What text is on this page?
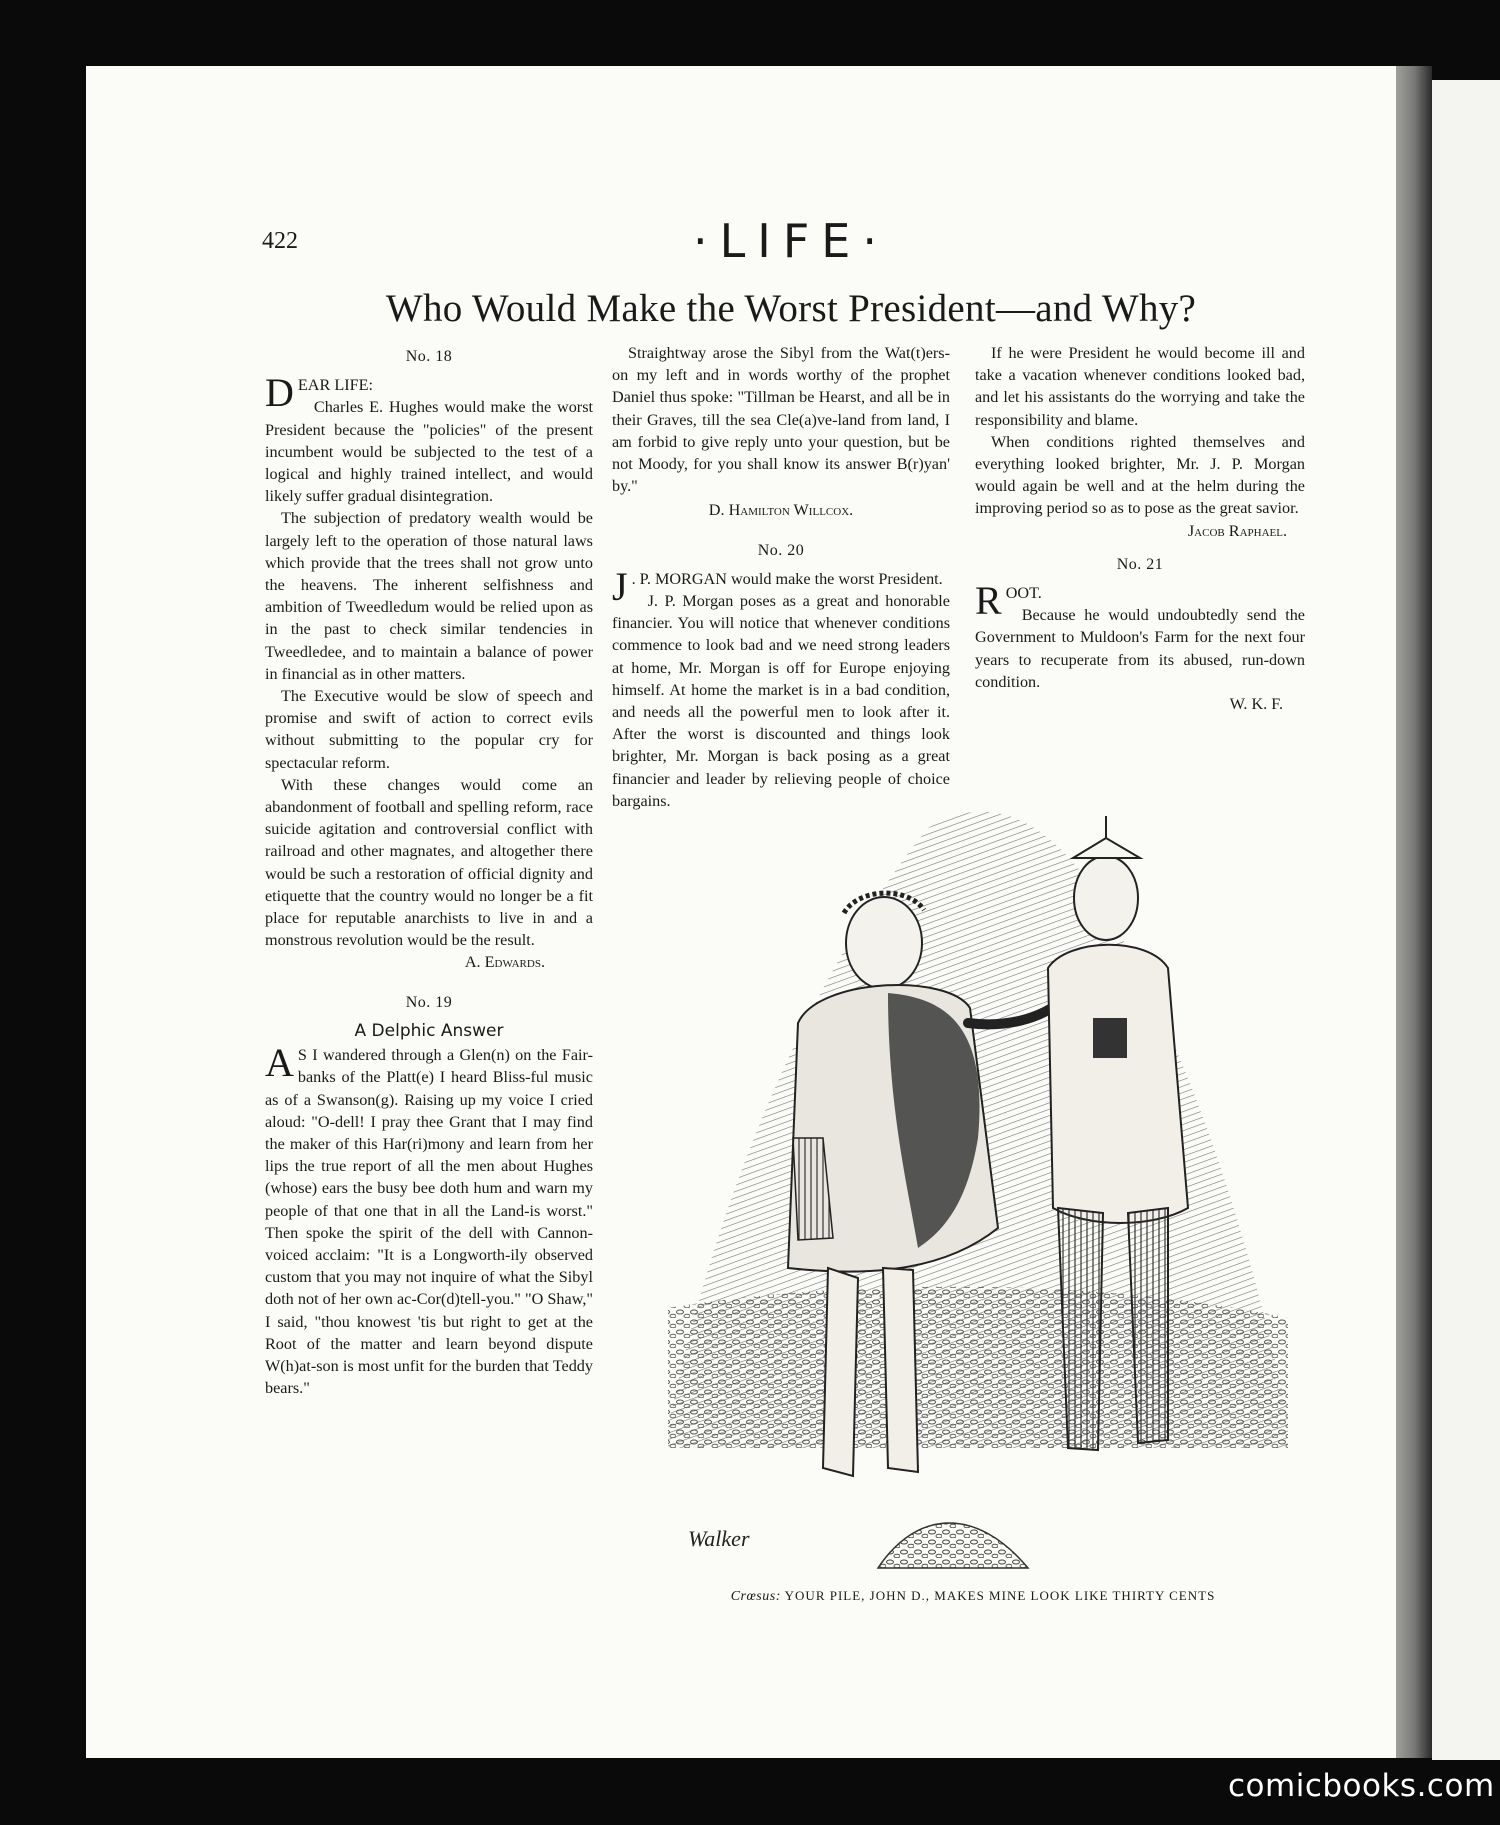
422	·LIFE·
Who Would Make the Worst President—and Why?
No. 18

DEAR LIFE:

Charles E. Hughes would make the worst President because the "policies" of the present incumbent would be subjected to the test of a logical and highly trained intellect, and would likely suffer gradual disintegration.

The subjection of predatory wealth would be largely left to the operation of those natural laws which provide that the trees shall not grow unto the heavens. The inherent selfishness and ambition of Tweedledum would be relied upon as in the past to check similar tendencies in Tweedledee, and to maintain a balance of power in financial as in other matters.

The Executive would be slow of speech and promise and swift of action to correct evils without submitting to the popular cry for spectacular reform.

With these changes would come an abandonment of football and spelling reform, race suicide agitation and controversial conflict with railroad and other magnates, and altogether there would be such a restoration of official dignity and etiquette that the country would no longer be a fit place for reputable anarchists to live in and a monstrous revolution would be the result.

A. Edwards.
No. 19
A Delphic Answer

A S I wandered through a Glen(n) on the Fair-banks of the Platt(e) I heard Bliss-ful music as of a Swanson(g). Raising up my voice I cried aloud: "O-dell! I pray thee Grant that I may find the maker of this Har(ri)mony and learn from her lips the true report of all the men about Hughes (whose) ears the busy bee doth hum and warn my people of that one that in all the Land-is worst." Then spoke the spirit of the dell with Cannon-voiced acclaim: "It is a Longworth-ily observed custom that you may not inquire of what the Sibyl doth not of her own ac-Cor(d)tell-you." "O Shaw," I said, "thou knowest 'tis but right to get at the Root of the matter and learn beyond dispute W(h)at-son is most unfit for the burden that Teddy bears."

Straightway arose the Sibyl from the Wat(t)ers-on my left and in words worthy of the prophet Daniel thus spoke: "Tillman be Hearst, and all be in their Graves, till the sea Cle(a)ve-land from land, I am forbid to give reply unto your question, but be not Moody, for you shall know its answer B(r)yan' by."

D. Hamilton Willcox.
No. 20

J . P. MORGAN would make the worst President.

J. P. Morgan poses as a great and honorable financier. You will notice that whenever conditions commence to look bad and we need strong leaders at home, Mr. Morgan is off for Europe enjoying himself. At home the market is in a bad condition, and needs all the powerful men to look after it. After the worst is discounted and things look brighter, Mr. Morgan is back posing as a great financier and leader by relieving people of choice bargains.

If he were President he would become ill and take a vacation whenever conditions looked bad, and let his assistants do the worrying and take the responsibility and blame.

When conditions righted themselves and everything looked brighter, Mr. J. P. Morgan would again be well and at the helm during the improving period so as to pose as the great savior.

Jacob Raphael.
No. 21

ROOT.

Because he would undoubtedly send the Government to Muldoon's Farm for the next four years to recuperate from its abused, run-down condition.

W. K. F.
Walker
Crœsus: YOUR PILE, JOHN D., MAKES MINE LOOK LIKE THIRTY CENTS
comicbooks.com
